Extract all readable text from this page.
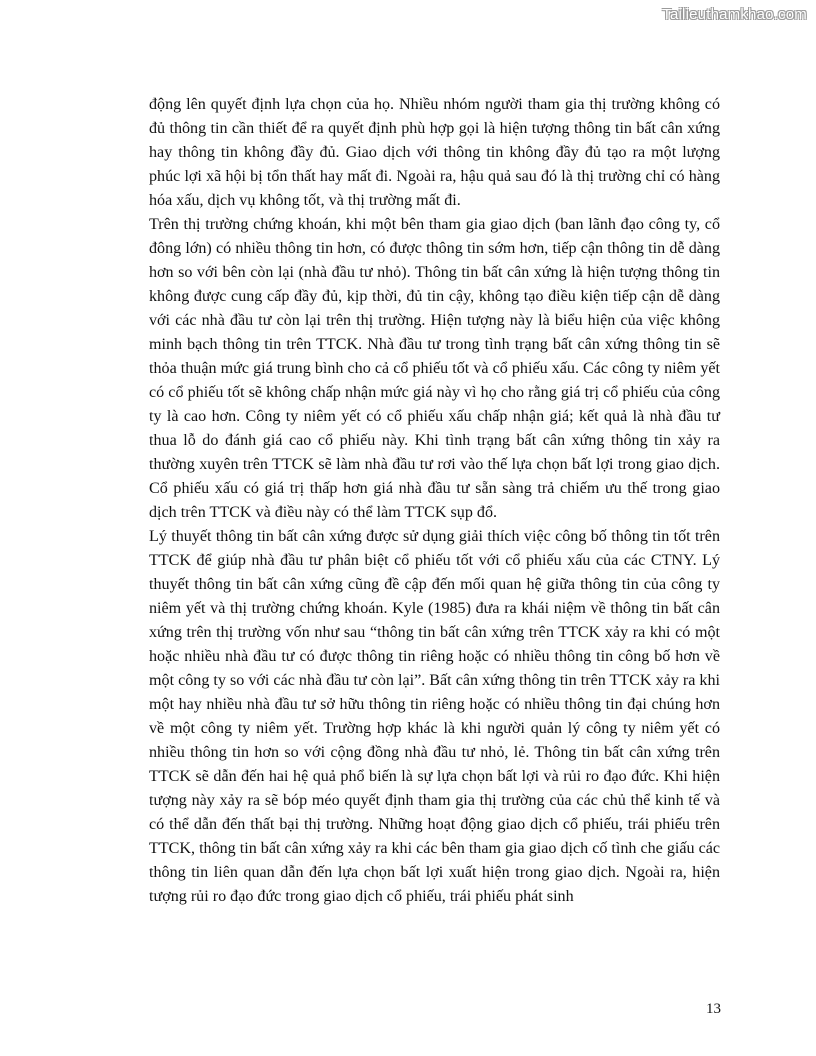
Tailieuthamkhao.com

động lên quyết định lựa chọn của họ. Nhiều nhóm người tham gia thị trường không có đủ thông tin cần thiết để ra quyết định phù hợp gọi là hiện tượng thông tin bất cân xứng hay thông tin không đầy đủ. Giao dịch với thông tin không đầy đủ tạo ra một lượng phúc lợi xã hội bị tổn thất hay mất đi. Ngoài ra, hậu quả sau đó là thị trường chỉ có hàng hóa xấu, dịch vụ không tốt, và thị trường mất đi.

Trên thị trường chứng khoán, khi một bên tham gia giao dịch (ban lãnh đạo công ty, cổ đông lớn) có nhiều thông tin hơn, có được thông tin sớm hơn, tiếp cận thông tin dễ dàng hơn so với bên còn lại (nhà đầu tư nhỏ). Thông tin bất cân xứng là hiện tượng thông tin không được cung cấp đầy đủ, kịp thời, đủ tin cậy, không tạo điều kiện tiếp cận dễ dàng với các nhà đầu tư còn lại trên thị trường. Hiện tượng này là biểu hiện của việc không minh bạch thông tin trên TTCK. Nhà đầu tư trong tình trạng bất cân xứng thông tin sẽ thỏa thuận mức giá trung bình cho cả cổ phiếu tốt và cổ phiếu xấu. Các công ty niêm yết có cổ phiếu tốt sẽ không chấp nhận mức giá này vì họ cho rằng giá trị cổ phiếu của công ty là cao hơn. Công ty niêm yết có cổ phiếu xấu chấp nhận giá; kết quả là nhà đầu tư thua lỗ do đánh giá cao cổ phiếu này. Khi tình trạng bất cân xứng thông tin xảy ra thường xuyên trên TTCK sẽ làm nhà đầu tư rơi vào thế lựa chọn bất lợi trong giao dịch. Cổ phiếu xấu có giá trị thấp hơn giá nhà đầu tư sẵn sàng trả chiếm ưu thế trong giao dịch trên TTCK và điều này có thể làm TTCK sụp đổ.

Lý thuyết thông tin bất cân xứng được sử dụng giải thích việc công bố thông tin tốt trên TTCK để giúp nhà đầu tư phân biệt cổ phiếu tốt với cổ phiếu xấu của các CTNY. Lý thuyết thông tin bất cân xứng cũng đề cập đến mối quan hệ giữa thông tin của công ty niêm yết và thị trường chứng khoán. Kyle (1985) đưa ra khái niệm về thông tin bất cân xứng trên thị trường vốn như sau “thông tin bất cân xứng trên TTCK xảy ra khi có một hoặc nhiều nhà đầu tư có được thông tin riêng hoặc có nhiều thông tin công bố hơn về một công ty so với các nhà đầu tư còn lại”. Bất cân xứng thông tin trên TTCK xảy ra khi một hay nhiều nhà đầu tư sở hữu thông tin riêng hoặc có nhiều thông tin đại chúng hơn về một công ty niêm yết. Trường hợp khác là khi người quản lý công ty niêm yết có nhiều thông tin hơn so với cộng đồng nhà đầu tư nhỏ, lẻ. Thông tin bất cân xứng trên TTCK sẽ dẫn đến hai hệ quả phổ biến là sự lựa chọn bất lợi và rủi ro đạo đức. Khi hiện tượng này xảy ra sẽ bóp méo quyết định tham gia thị trường của các chủ thể kinh tế và có thể dẫn đến thất bại thị trường. Những hoạt động giao dịch cổ phiếu, trái phiếu trên TTCK, thông tin bất cân xứng xảy ra khi các bên tham gia giao dịch cố tình che giấu các thông tin liên quan dẫn đến lựa chọn bất lợi xuất hiện trong giao dịch. Ngoài ra, hiện tượng rủi ro đạo đức trong giao dịch cổ phiếu, trái phiếu phát sinh

13
